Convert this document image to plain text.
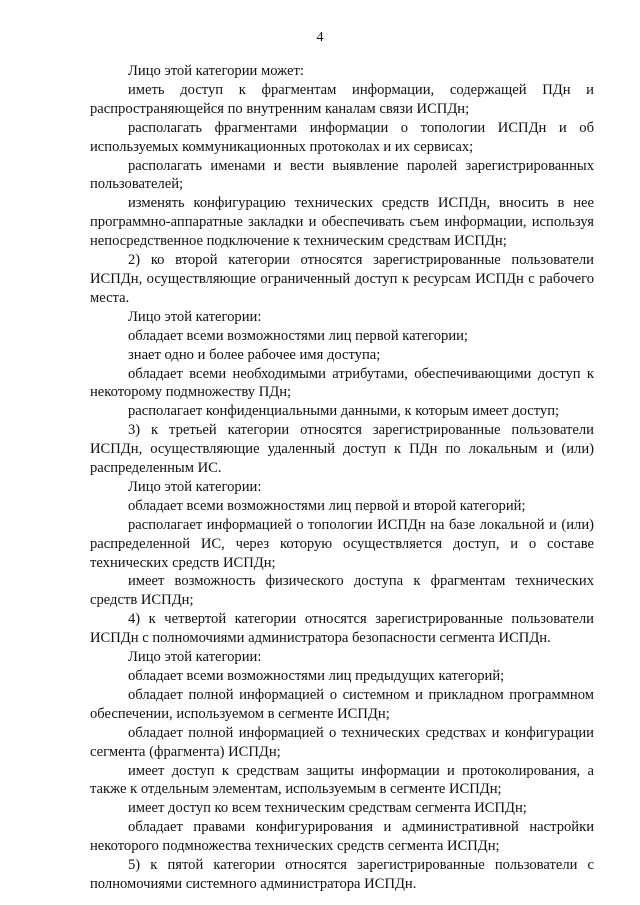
4

Лицо этой категории может:

иметь доступ к фрагментам информации, содержащей ПДн и распространяющейся по внутренним каналам связи ИСПДн;

располагать фрагментами информации о топологии ИСПДн и об используемых коммуникационных протоколах и их сервисах;

располагать именами и вести выявление паролей зарегистрированных пользователей;

изменять конфигурацию технических средств ИСПДн, вносить в нее программно-аппаратные закладки и обеспечивать съем информации, используя непосредственное подключение к техническим средствам ИСПДн;

2) ко второй категории относятся зарегистрированные пользователи ИСПДн, осуществляющие ограниченный доступ к ресурсам ИСПДн с рабочего места.

Лицо этой категории:

обладает всеми возможностями лиц первой категории;

знает одно и более рабочее имя доступа;

обладает всеми необходимыми атрибутами, обеспечивающими доступ к некоторому подмножеству ПДн;

располагает конфиденциальными данными, к которым имеет доступ;

3) к третьей категории относятся зарегистрированные пользователи ИСПДн, осуществляющие удаленный доступ к ПДн по локальным и (или) распределенным ИС.

Лицо этой категории:

обладает всеми возможностями лиц первой и второй категорий;

располагает информацией о топологии ИСПДн на базе локальной и (или) распределенной ИС, через которую осуществляется доступ, и о составе технических средств ИСПДн;

имеет возможность физического доступа к фрагментам технических средств ИСПДн;

4) к четвертой категории относятся зарегистрированные пользователи ИСПДн с полномочиями администратора безопасности сегмента ИСПДн.

Лицо этой категории:

обладает всеми возможностями лиц предыдущих категорий;

обладает полной информацией о системном и прикладном программном обеспечении, используемом в сегменте ИСПДн;

обладает полной информацией о технических средствах и конфигурации сегмента (фрагмента) ИСПДн;

имеет доступ к средствам защиты информации и протоколирования, а также к отдельным элементам, используемым в сегменте ИСПДн;

имеет доступ ко всем техническим средствам сегмента ИСПДн;

обладает правами конфигурирования и административной настройки некоторого подмножества технических средств сегмента ИСПДн;

5) к пятой категории относятся зарегистрированные пользователи с полномочиями системного администратора ИСПДн.
